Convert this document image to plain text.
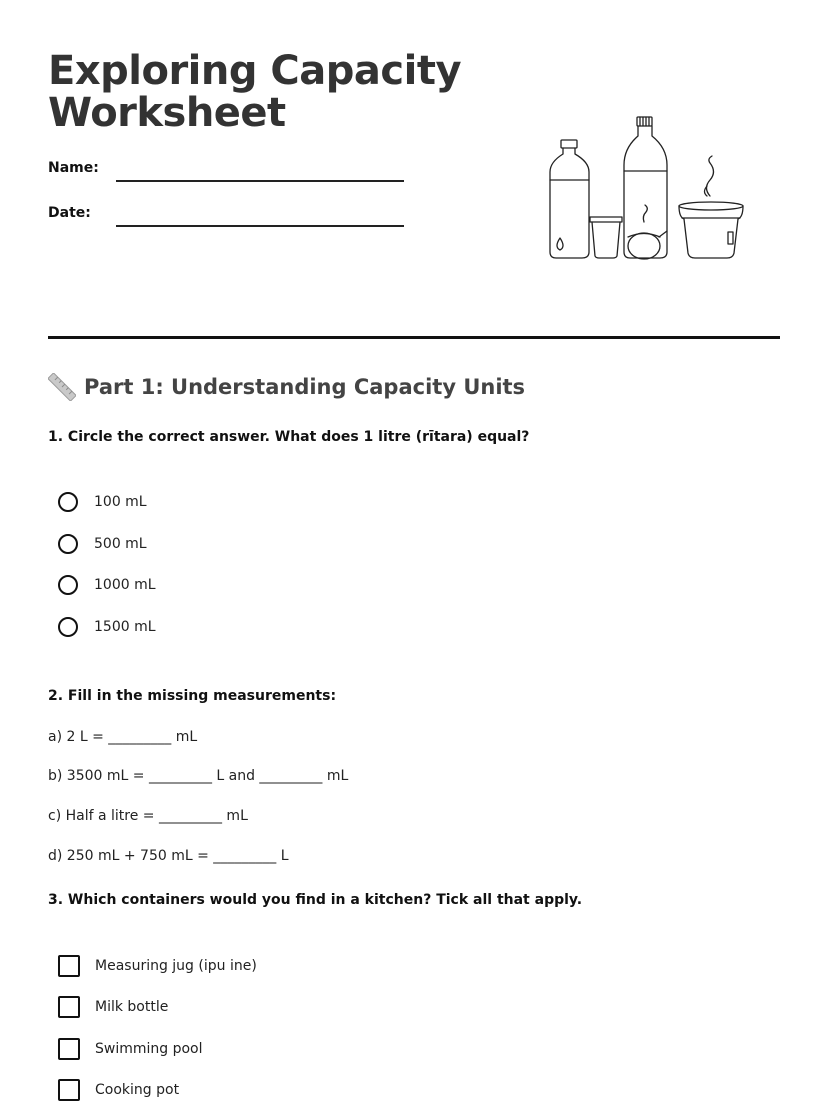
Exploring Capacity
Worksheet
Name:
Date:
Part 1: Understanding Capacity Units
1. Circle the correct answer. What does 1 litre (rītara) equal?
100 mL
500 mL
1000 mL
1500 mL
2. Fill in the missing measurements:
a) 2 L = _________ mL
b) 3500 mL = _________ L and _________ mL
c) Half a litre = _________ mL
d) 250 mL + 750 mL = _________ L
3. Which containers would you find in a kitchen? Tick all that apply.
Measuring jug (ipu ine)
Milk bottle
Swimming pool
Cooking pot
